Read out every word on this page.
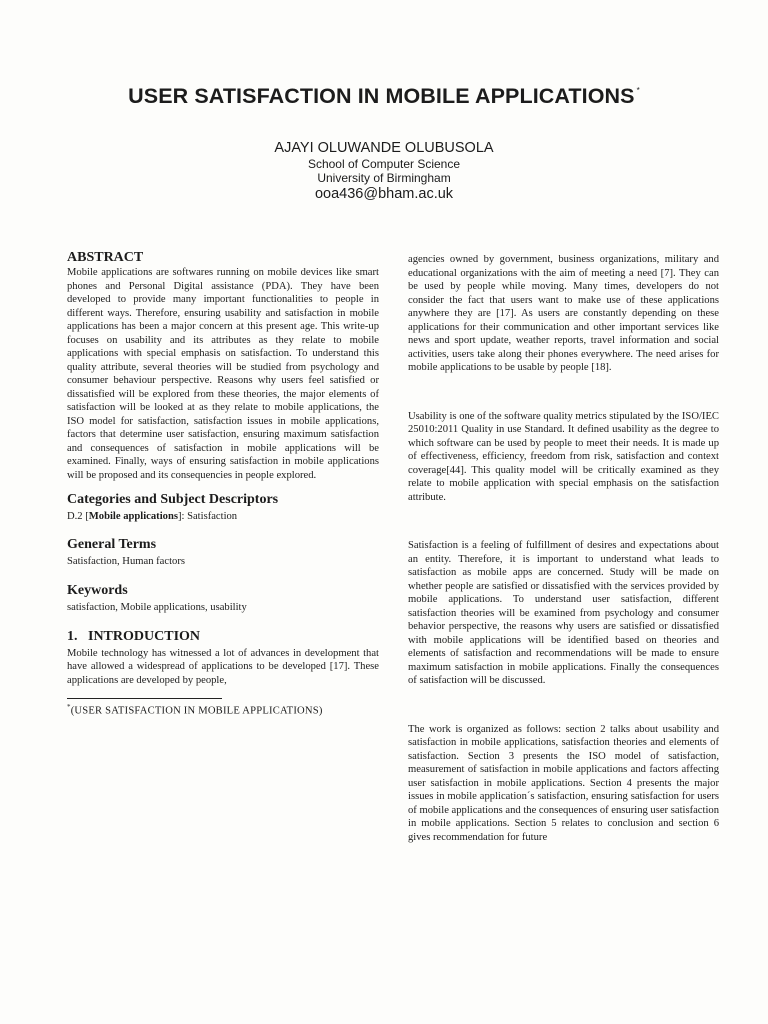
USER SATISFACTION IN MOBILE APPLICATIONS *
AJAYI OLUWANDE OLUBUSOLA
School of Computer Science
University of Birmingham
ooa436@bham.ac.uk
ABSTRACT

Mobile applications are softwares running on mobile devices like smart phones and Personal Digital assistance (PDA). They have been developed to provide many important functionalities to people in different ways. Therefore, ensuring usability and satisfaction in mobile applications has been a major concern at this present age. This write-up focuses on usability and its attributes as they relate to mobile applications with special emphasis on satisfaction. To understand this quality attribute, several theories will be studied from psychology and consumer behaviour perspective. Reasons why users feel satisfied or dissatisfied will be explored from these theories, the major elements of satisfaction will be looked at as they relate to mobile applications, the ISO model for satisfaction, satisfaction issues in mobile applications, factors that determine user satisfaction, ensuring maximum satisfaction and consequences of satisfaction in mobile applications will be examined. Finally, ways of ensuring satisfaction in mobile applications will be proposed and its consequencies in people explored.

Categories and Subject Descriptors

D.2 [Mobile applications]: Satisfaction

General Terms

Satisfaction, Human factors

Keywords

satisfaction, Mobile applications, usability

1.   INTRODUCTION

Mobile technology has witnessed a lot of advances in development that have allowed a widespread of applications to be developed [17]. These applications are developed by people,

*(USER SATISFACTION IN MOBILE APPLICATIONS)

agencies owned by government, business organizations, military and educational organizations with the aim of meeting a need [7]. They can be used by people while moving. Many times, developers do not consider the fact that users want to make use of these applications anywhere they are [17]. As users are constantly depending on these applications for their communication and other important services like news and sport update, weather reports, travel information and social activities, users take along their phones everywhere. The need arises for mobile applications to be usable by people [18].

Usability is one of the software quality metrics stipulated by the ISO/IEC 25010:2011 Quality in use Standard. It defined usability as the degree to which software can be used by people to meet their needs. It is made up of effectiveness, efficiency, freedom from risk, satisfaction and context coverage[44]. This quality model will be critically examined as they relate to mobile application with special emphasis on the satisfaction attribute.

Satisfaction is a feeling of fulfillment of desires and expectations about an entity. Therefore, it is important to understand what leads to satisfaction as mobile apps are concerned. Study will be made on whether people are satisfied or dissatisfied with the services provided by mobile applications. To understand user satisfaction, different satisfaction theories will be examined from psychology and consumer behavior perspective, the reasons why users are satisfied or dissatisfied with mobile applications will be identified based on theories and elements of satisfaction and recommendations will be made to ensure maximum satisfaction in mobile applications. Finally the consequences of satisfaction will be discussed.

The work is organized as follows: section 2 talks about usability and satisfaction in mobile applications, satisfaction theories and elements of satisfaction. Section 3 presents the ISO model of satisfaction, measurement of satisfaction in mobile applications and factors affecting user satisfaction in mobile applications. Section 4 presents the major issues in mobile application´s satisfaction, ensuring satisfaction for users of mobile applications and the consequences of ensuring user satisfaction in mobile applications. Section 5 relates to conclusion and section 6 gives recommendation for future
